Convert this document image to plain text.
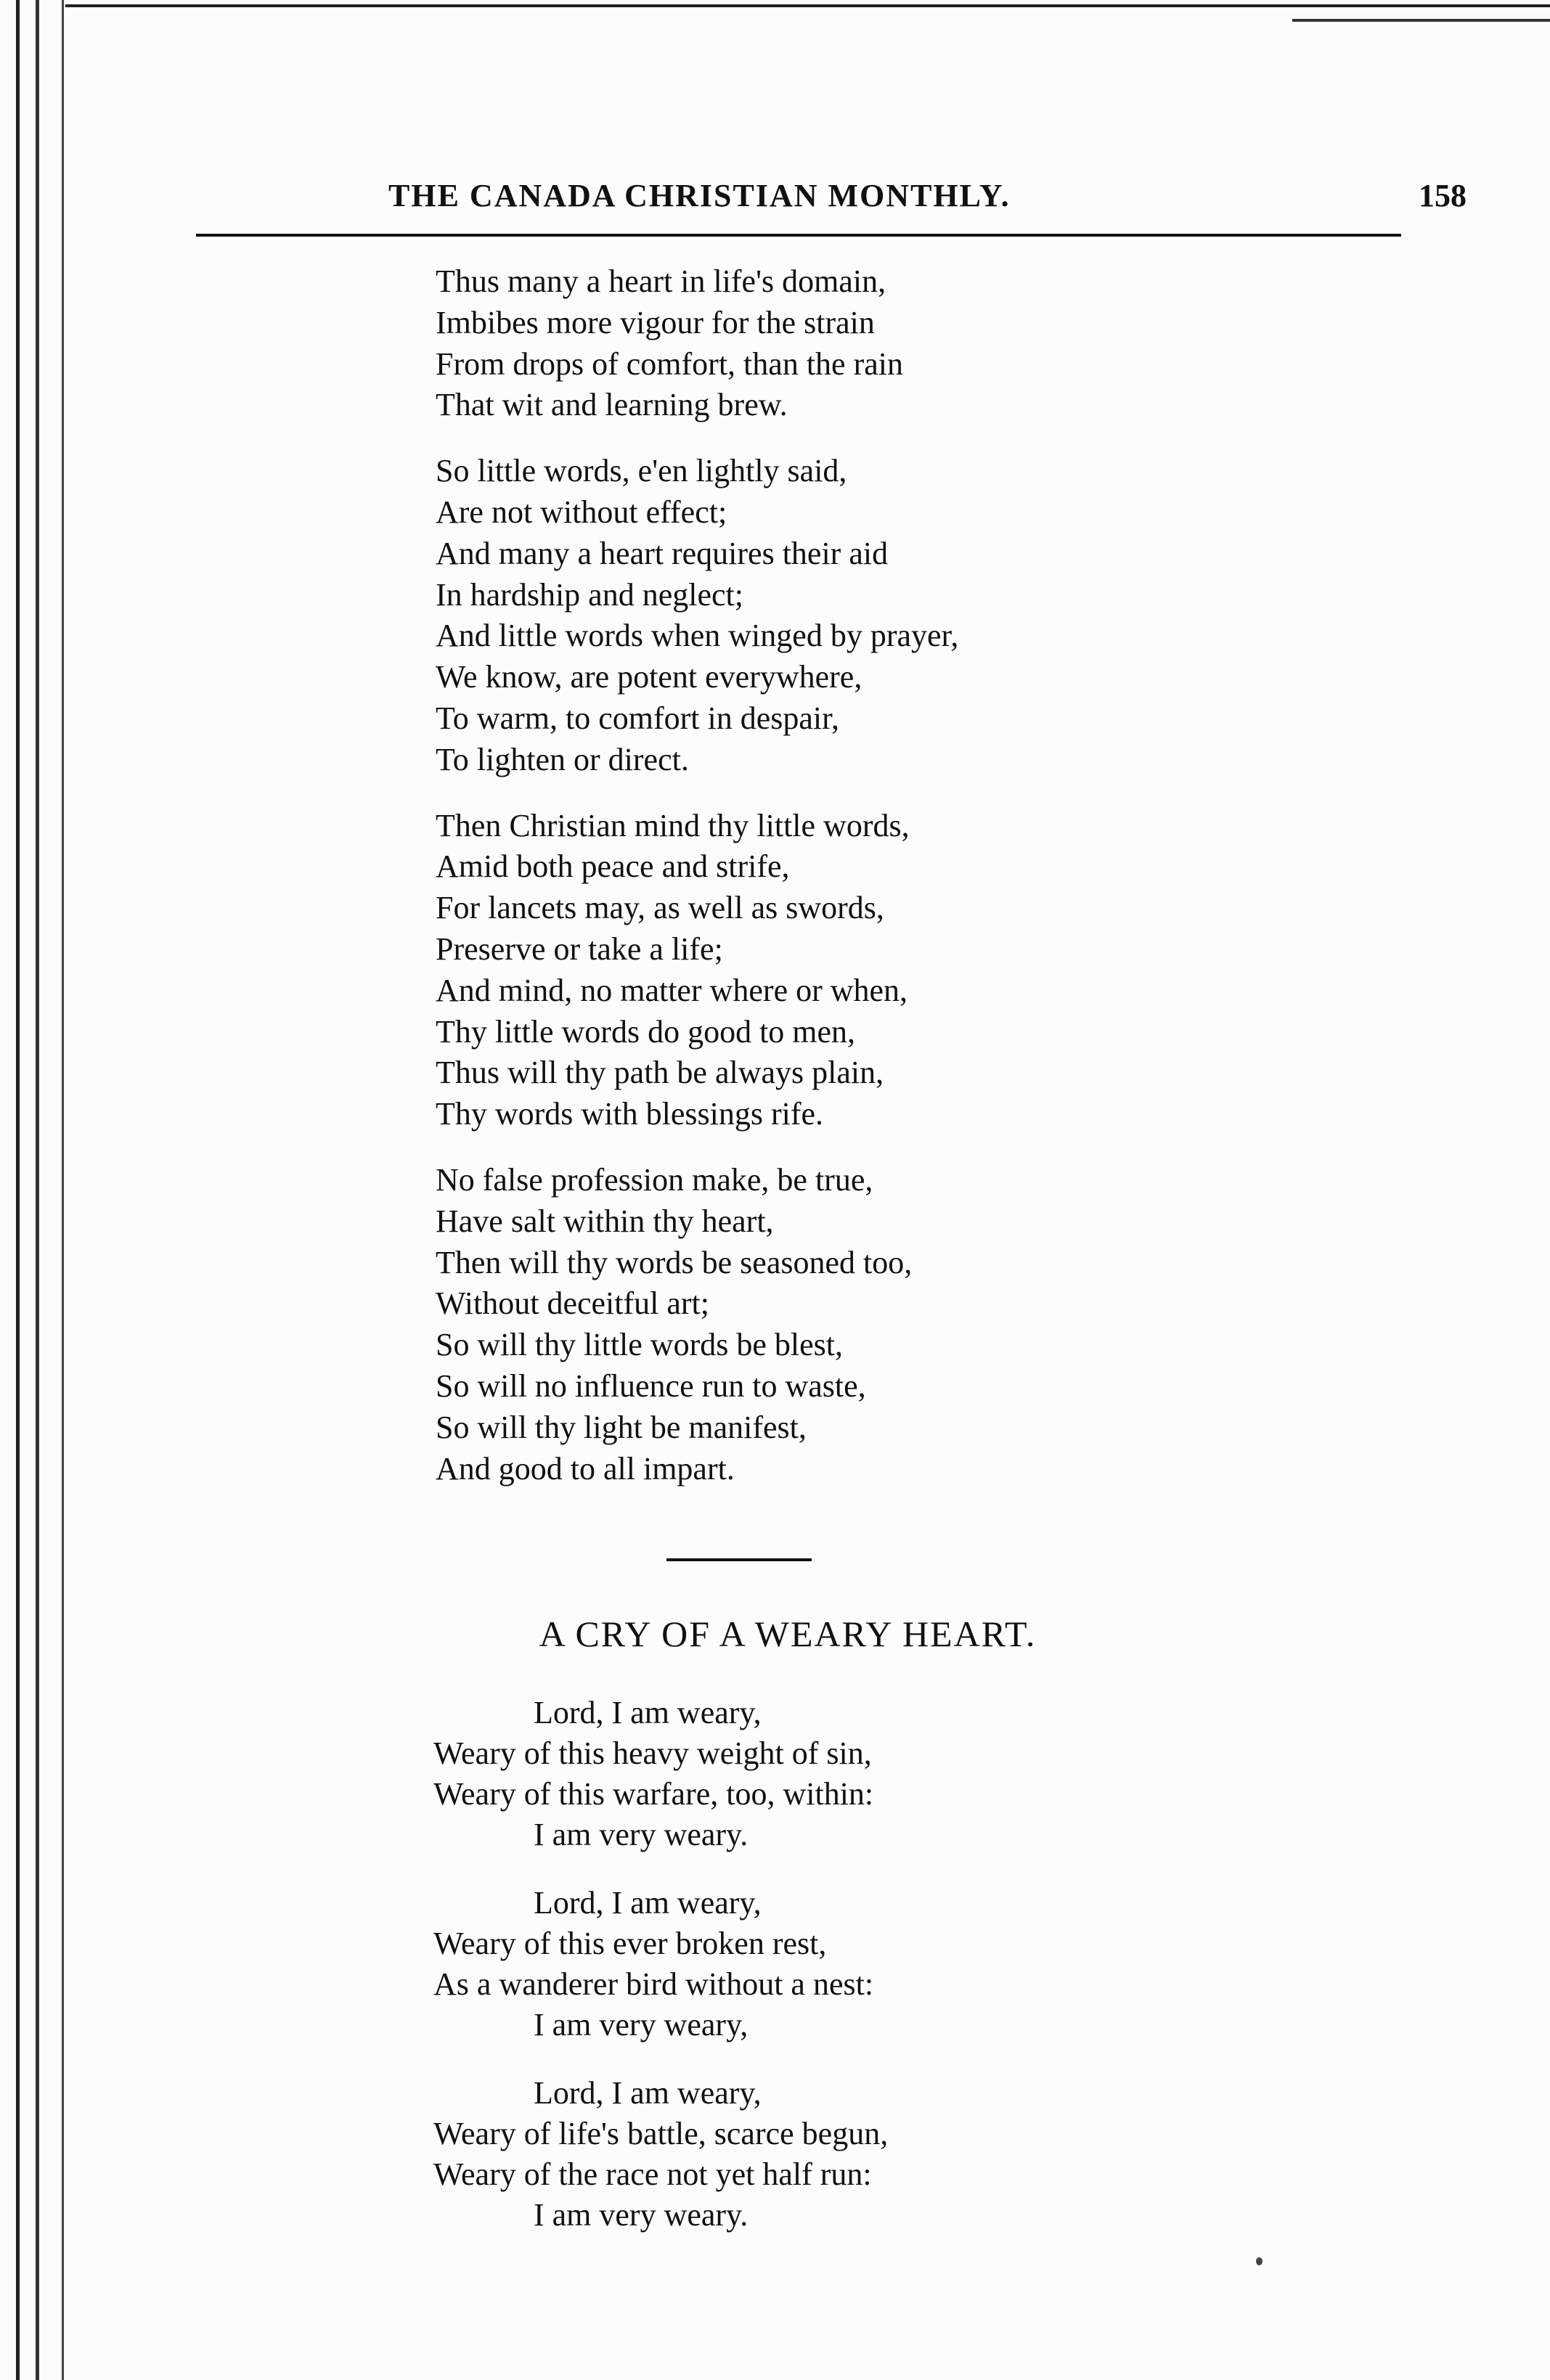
THE CANADA CHRISTIAN MONTHLY.	158
Thus many a heart in life's domain,
Imbibes more vigour for the strain
From drops of comfort, than the rain
That wit and learning brew.
So little words, e'en lightly said,
Are not without effect;
And many a heart requires their aid
In hardship and neglect;
And little words when winged by prayer,
We know, are potent everywhere,
To warm, to comfort in despair,
To lighten or direct.
Then Christian mind thy little words,
Amid both peace and strife,
For lancets may, as well as swords,
Preserve or take a life;
And mind, no matter where or when,
Thy little words do good to men,
Thus will thy path be always plain,
Thy words with blessings rife.
No false profession make, be true,
Have salt within thy heart,
Then will thy words be seasoned too,
Without deceitful art;
So will thy little words be blest,
So will no influence run to waste,
So will thy light be manifest,
And good to all impart.
A CRY OF A WEARY HEART.
Lord, I am weary,
Weary of this heavy weight of sin,
Weary of this warfare, too, within:
I am very weary.
Lord, I am weary,
Weary of this ever broken rest,
As a wanderer bird without a nest:
I am very weary,
Lord, I am weary,
Weary of life's battle, scarce begun,
Weary of the race not yet half run:
I am very weary.
